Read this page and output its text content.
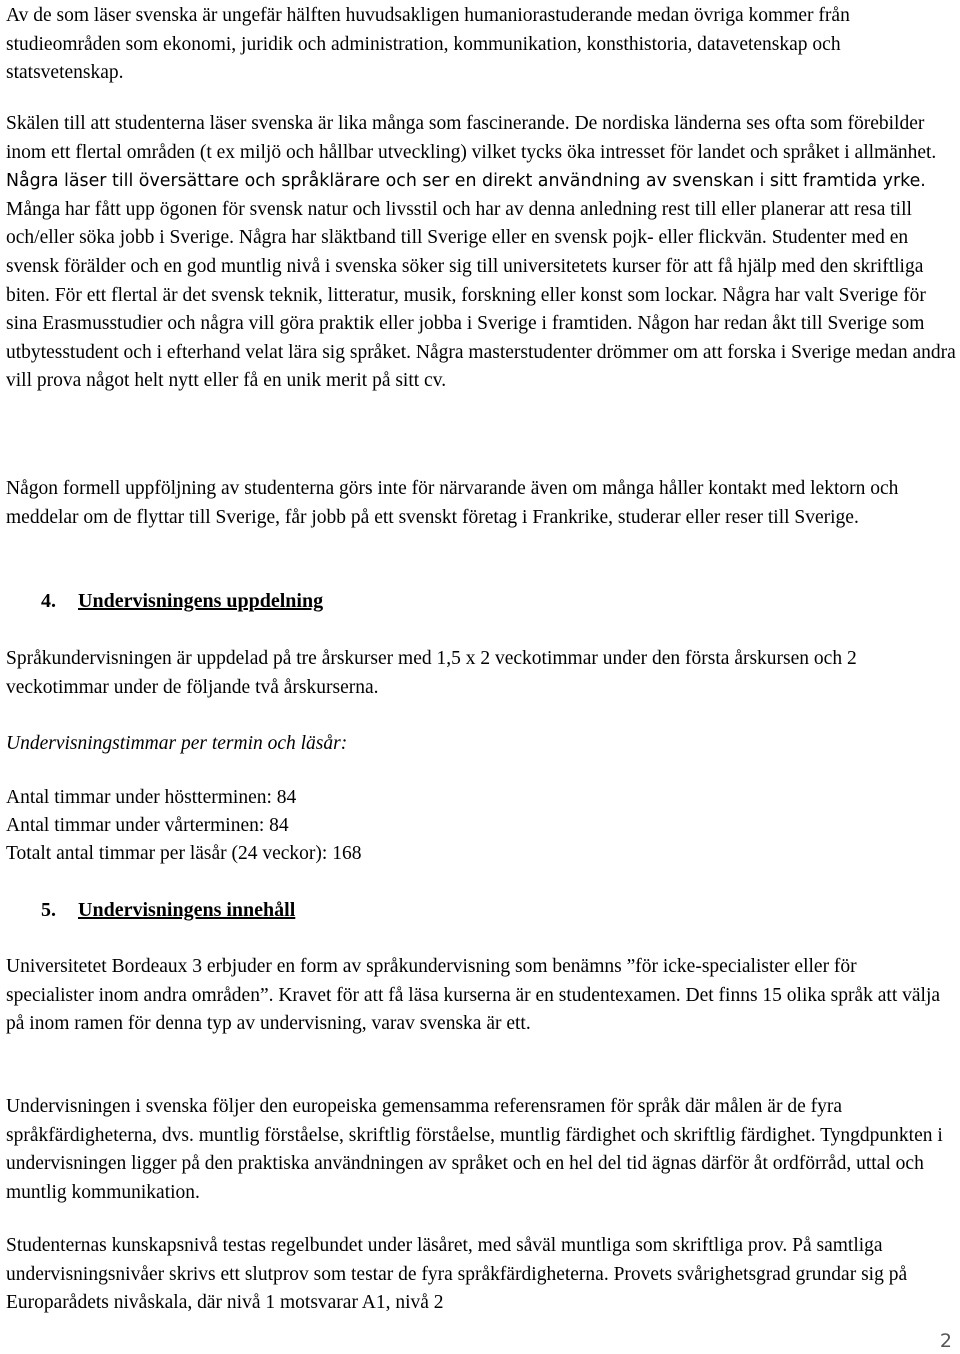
Av de som läser svenska är ungefär hälften huvudsakligen humaniorastuderande medan övriga kommer från studieområden som ekonomi, juridik och administration, kommunikation, konsthistoria, datavetenskap och statsvetenskap.

Skälen till att studenterna läser svenska är lika många som fascinerande. De nordiska länderna ses ofta som förebilder inom ett flertal områden (t ex miljö och hållbar utveckling) vilket tycks öka intresset för landet och språket i allmänhet. Några läser till översättare och språklärare och ser en direkt användning av svenskan i sitt framtida yrke. Många har fått upp ögonen för svensk natur och livsstil och har av denna anledning rest till eller planerar att resa till och/eller söka jobb i Sverige. Några har släktband till Sverige eller en svensk pojk- eller flickvän. Studenter med en svensk förälder och en god muntlig nivå i svenska söker sig till universitetets kurser för att få hjälp med den skriftliga biten. För ett flertal är det svensk teknik, litteratur, musik, forskning eller konst som lockar. Några har valt Sverige för sina Erasmusstudier och några vill göra praktik eller jobba i Sverige i framtiden. Någon har redan åkt till Sverige som utbytesstudent och i efterhand velat lära sig språket. Några masterstudenter drömmer om att forska i Sverige medan andra vill prova något helt nytt eller få en unik merit på sitt cv.

Någon formell uppföljning av studenterna görs inte för närvarande även om många håller kontakt med lektorn och meddelar om de flyttar till Sverige, får jobb på ett svenskt företag i Frankrike, studerar eller reser till Sverige.

4. Undervisningens uppdelning

Språkundervisningen är uppdelad på tre årskurser med 1,5 x 2 veckotimmar under den första årskursen och 2 veckotimmar under de följande två årskurserna.

Undervisningstimmar per termin och läsår:

Antal timmar under höstterminen: 84

Antal timmar under vårterminen: 84

Totalt antal timmar per läsår (24 veckor): 168

5. Undervisningens innehåll

Universitetet Bordeaux 3 erbjuder en form av språkundervisning som benämns ”för icke-specialister eller för specialister inom andra områden”. Kravet för att få läsa kurserna är en studentexamen. Det finns 15 olika språk att välja på inom ramen för denna typ av undervisning, varav svenska är ett.

Undervisningen i svenska följer den europeiska gemensamma referensramen för språk där målen är de fyra språkfärdigheterna, dvs. muntlig förståelse, skriftlig förståelse, muntlig färdighet och skriftlig färdighet. Tyngdpunkten i undervisningen ligger på den praktiska användningen av språket och en hel del tid ägnas därför åt ordförråd, uttal och muntlig kommunikation.

Studenternas kunskapsnivå testas regelbundet under läsåret, med såväl muntliga som skriftliga prov. På samtliga undervisningsnivåer skrivs ett slutprov som testar de fyra språkfärdigheterna. Provets svårighetsgrad grundar sig på Europarådets nivåskala, där nivå 1 motsvarar A1, nivå 2

2
